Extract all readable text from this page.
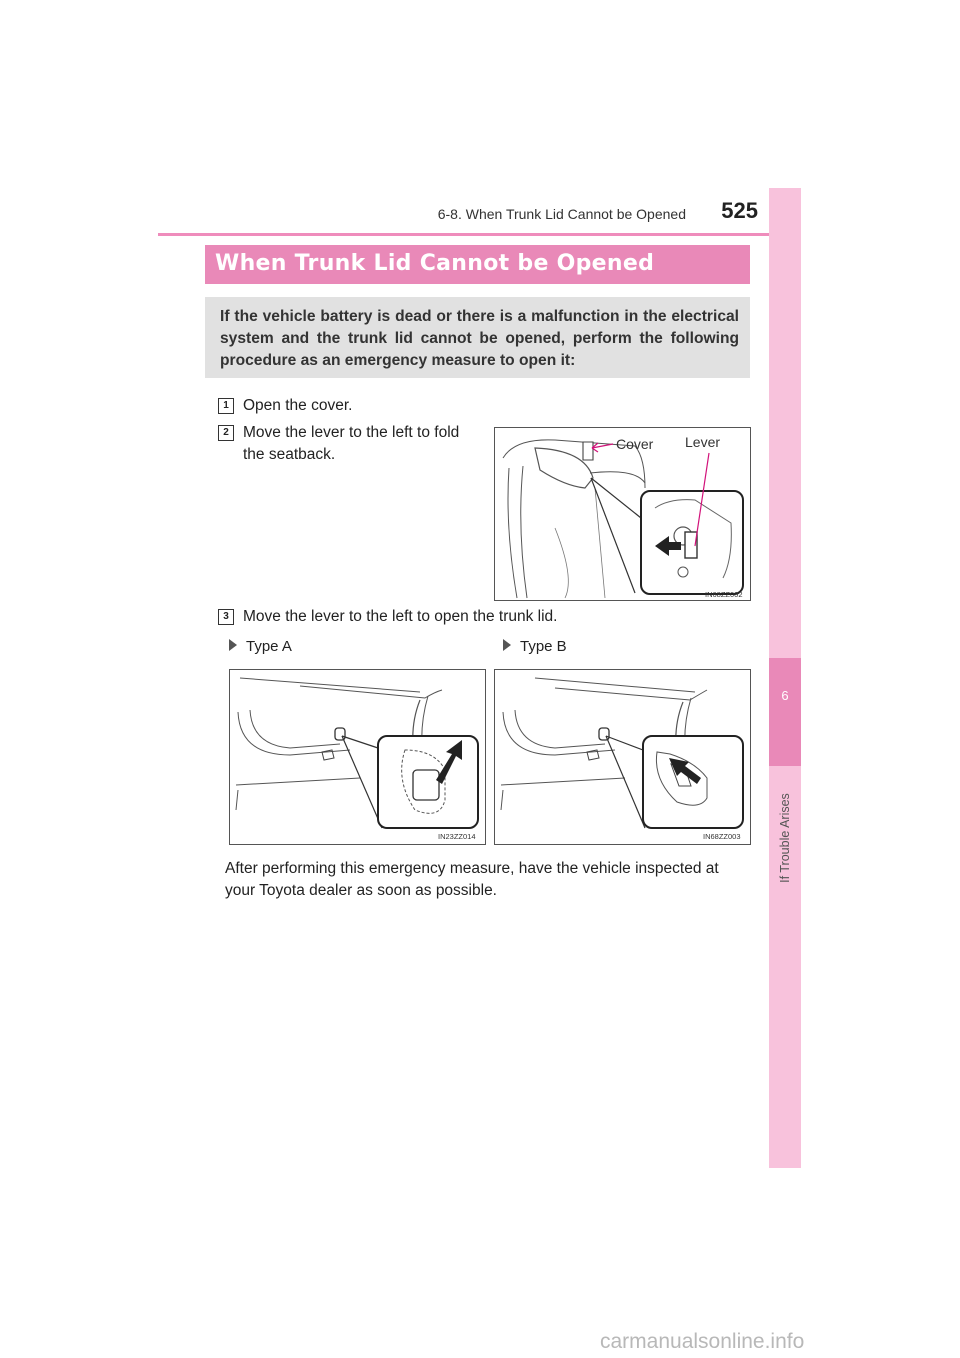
6-8. When Trunk Lid Cannot be Opened	525
6
If Trouble Arises
When Trunk Lid Cannot be Opened
If the vehicle battery is dead or there is a malfunction in the electrical system and the trunk lid cannot be opened, perform the following procedure as an emergency measure to open it:
1 Open the cover.
2 Move the lever to the left to fold the seatback.
Cover Lever
IN68ZZ002
3 Move the lever to the left to open the trunk lid.
Type A	Type B
IN23ZZ014	IN68ZZ003
After performing this emergency measure, have the vehicle inspected at your Toyota dealer as soon as possible.
carmanualsonline.info
